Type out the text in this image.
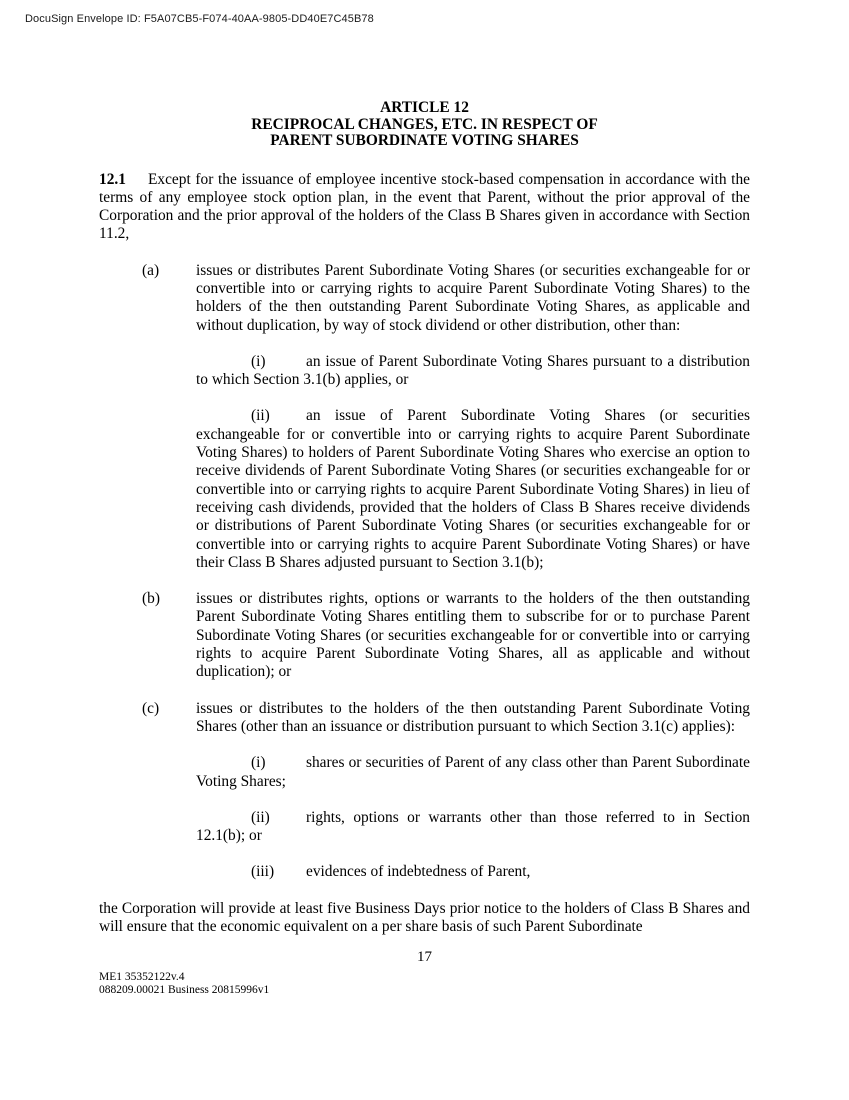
DocuSign Envelope ID: F5A07CB5-F074-40AA-9805-DD40E7C45B78
ARTICLE 12
RECIPROCAL CHANGES, ETC. IN RESPECT OF
PARENT SUBORDINATE VOTING SHARES

12.1 Except for the issuance of employee incentive stock-based compensation in accordance with the terms of any employee stock option plan, in the event that Parent, without the prior approval of the Corporation and the prior approval of the holders of the Class B Shares given in accordance with Section 11.2,

(a) issues or distributes Parent Subordinate Voting Shares (or securities exchangeable for or convertible into or carrying rights to acquire Parent Subordinate Voting Shares) to the holders of the then outstanding Parent Subordinate Voting Shares, as applicable and without duplication, by way of stock dividend or other distribution, other than:

(i)	an issue of Parent Subordinate Voting Shares pursuant to a distribution to which Section 3.1(b) applies, or

(ii) an issue of Parent Subordinate Voting Shares (or securities exchangeable for or convertible into or carrying rights to acquire Parent Subordinate Voting Shares) to holders of Parent Subordinate Voting Shares who exercise an option to receive dividends of Parent Subordinate Voting Shares (or securities exchangeable for or convertible into or carrying rights to acquire Parent Subordinate Voting Shares) in lieu of receiving cash dividends, provided that the holders of Class B Shares receive dividends or distributions of Parent Subordinate Voting Shares (or securities exchangeable for or convertible into or carrying rights to acquire Parent Subordinate Voting Shares) or have their Class B Shares adjusted pursuant to Section 3.1(b);

(b) issues or distributes rights, options or warrants to the holders of the then outstanding Parent Subordinate Voting Shares entitling them to subscribe for or to purchase Parent Subordinate Voting Shares (or securities exchangeable for or convertible into or carrying rights to acquire Parent Subordinate Voting Shares, all as applicable and without duplication); or

(c) issues or distributes to the holders of the then outstanding Parent Subordinate Voting Shares (other than an issuance or distribution pursuant to which Section 3.1(c) applies):

(i)	shares or securities of Parent of any class other than Parent Subordinate Voting Shares;

(ii) rights, options or warrants other than those referred to in Section 12.1(b); or

(iii) evidences of indebtedness of Parent,

the Corporation will provide at least five Business Days prior notice to the holders of Class B Shares and will ensure that the economic equivalent on a per share basis of such Parent Subordinate

17
ME1 35352122v.4
088209.00021 Business 20815996v1
